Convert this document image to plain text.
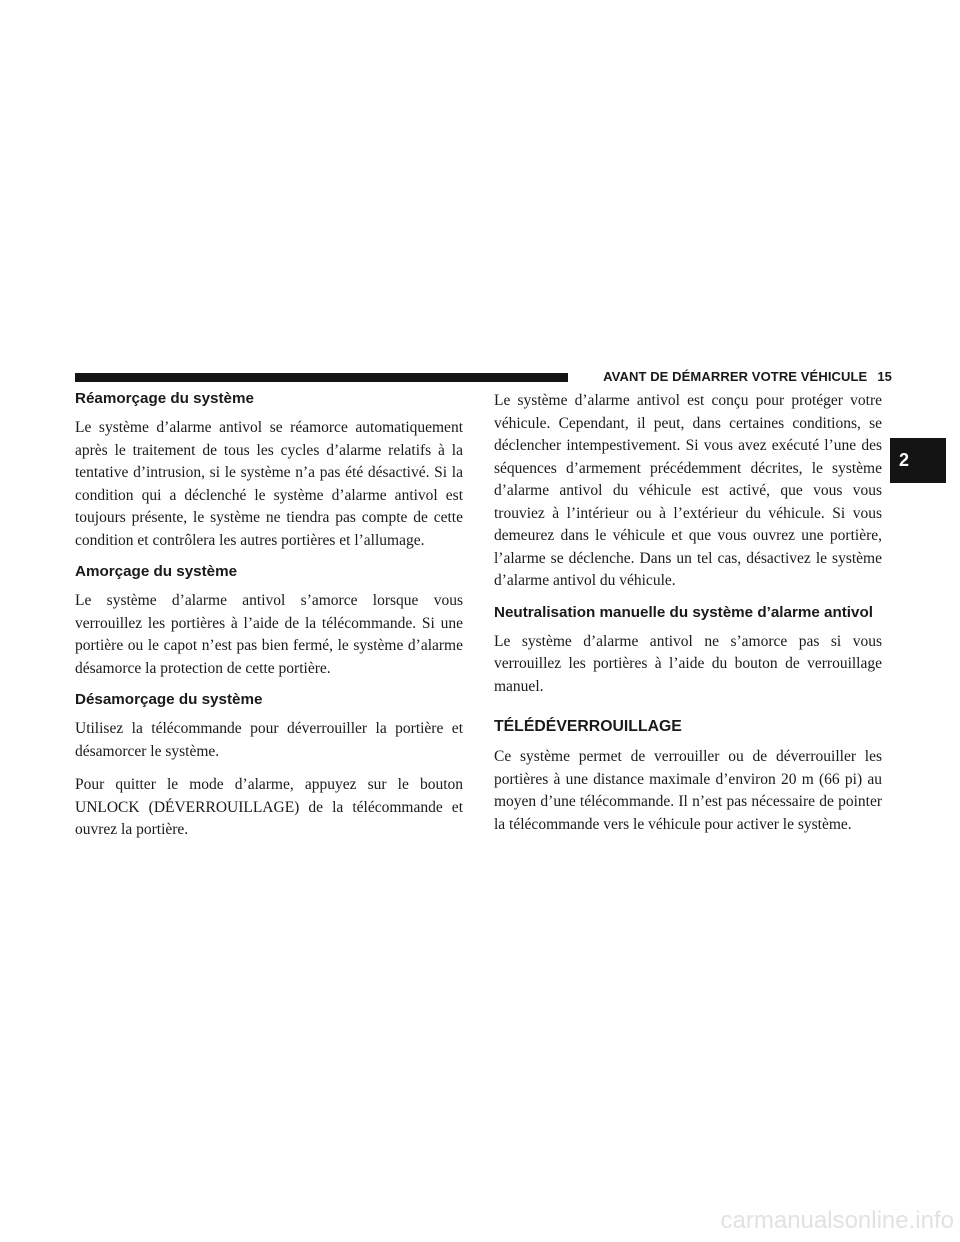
AVANT DE DÉMARRER VOTRE VÉHICULE 15
2
Réamorçage du système

Le système d’alarme antivol se réamorce automatiquement après le traitement de tous les cycles d’alarme relatifs à la tentative d’intrusion, si le système n’a pas été désactivé. Si la condition qui a déclenché le système d’alarme antivol est toujours présente, le système ne tiendra pas compte de cette condition et contrôlera les autres portières et l’allumage.

Amorçage du système

Le système d’alarme antivol s’amorce lorsque vous verrouillez les portières à l’aide de la télécommande. Si une portière ou le capot n’est pas bien fermé, le système d’alarme désamorce la protection de cette portière.

Désamorçage du système

Utilisez la télécommande pour déverrouiller la portière et désamorcer le système.

Pour quitter le mode d’alarme, appuyez sur le bouton UNLOCK (DÉVERROUILLAGE) de la télécommande et ouvrez la portière.

Le système d’alarme antivol est conçu pour protéger votre véhicule. Cependant, il peut, dans certaines conditions, se déclencher intempestivement. Si vous avez exécuté l’une des séquences d’armement précédemment décrites, le système d’alarme antivol du véhicule est activé, que vous vous trouviez à l’intérieur ou à l’extérieur du véhicule. Si vous demeurez dans le véhicule et que vous ouvrez une portière, l’alarme se déclenche. Dans un tel cas, désactivez le système d’alarme antivol du véhicule.

Neutralisation manuelle du système d’alarme antivol

Le système d’alarme antivol ne s’amorce pas si vous verrouillez les portières à l’aide du bouton de verrouillage manuel.

TÉLÉDÉVERROUILLAGE

Ce système permet de verrouiller ou de déverrouiller les portières à une distance maximale d’environ 20 m (66 pi) au moyen d’une télécommande. Il n’est pas nécessaire de pointer la télécommande vers le véhicule pour activer le système.

carmanualsonline.info
